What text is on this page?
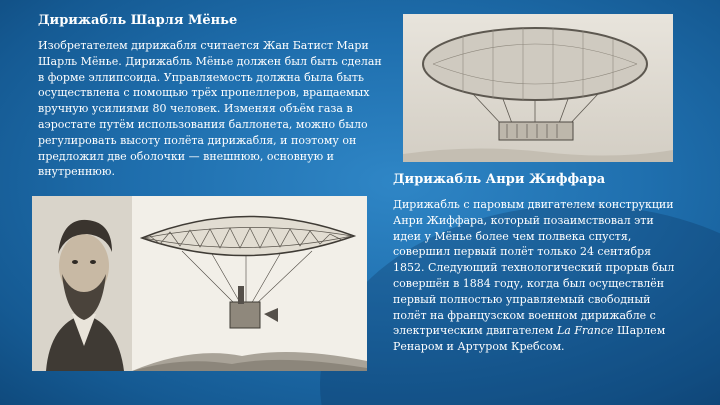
Дирижабль Шарля Мёнье

Изобретателем дирижабля считается Жан Батист Мари Шарль Мёнье. Дирижабль Мёнье должен был быть сделан в форме эллипсоида. Управляемость должна была быть осуществлена с помощью трёх пропеллеров, вращаемых вручную усилиями 80 человек. Изменяя объём газа в аэростате путём использования баллонета, можно было регулировать высоту полёта дирижабля, и поэтому он предложил две оболочки — внешнюю, основную и внутреннюю.

Дирижабль Анри Жиффара

Дирижабль с паровым двигателем конструкции Анри Жиффара, который позаимствовал эти идеи у Мёнье более чем полвека спустя, совершил первый полёт только 24 сентября 1852. Следующий технологический прорыв был совершён в 1884 году, когда был осуществлён первый полностью управляемый свободный полёт на французском военном дирижабле с электрическим двигателем La France Шарлем Ренаром и Артуром Кребсом.
